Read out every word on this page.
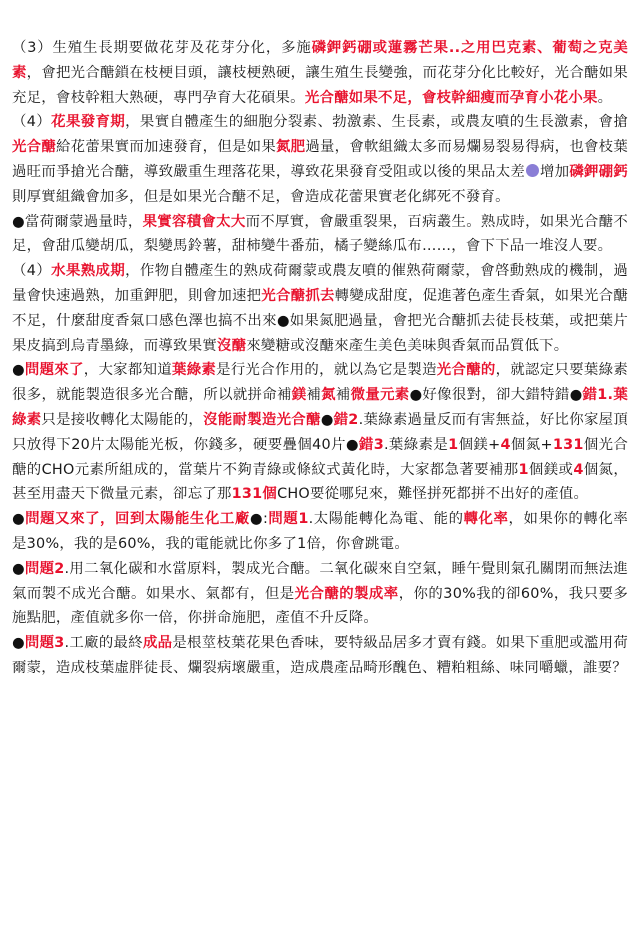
（3）生殖生長期要做花芽及花芽分化，多施磷鉀鈣硼或蓮霧芒果..之用巴克素、葡萄之克美素，會把光合醣鎖在枝梗目頭，讓枝梗熟硬，讓生殖生長變強，而花芽分化比較好，光合醣如果充足，會枝幹粗大熟硬，專門孕育大花碩果。光合醣如果不足，會枝幹細瘦而孕育小花小果。

（4）花果發育期，果實自體產生的細胞分裂素、勃激素、生長素，或農友噴的生長激素，會搶光合醣給花蕾果實而加速發育，但是如果氮肥過量，會軟組織太多而易爛易裂易得病，也會枝葉過旺而爭搶光合醣，導致嚴重生理落花果，導致花果發育受阻或以後的果品太差 增加磷鉀硼鈣則厚實組織會加多，但是如果光合醣不足，會造成花蕾果實老化綁死不發育。

●當荷爾蒙過量時，果實容積會太大而不厚實，會嚴重裂果，百病叢生。熟成時，如果光合醣不足，會甜瓜變胡瓜，梨變馬鈴薯，甜柿變牛番茄，橘子變絲瓜布……，會下下品一堆沒人要。

（4）水果熟成期，作物自體產生的熟成荷爾蒙或農友噴的催熟荷爾蒙，會啓動熟成的機制，過量會快速過熟，加重鉀肥，則會加速把光合醣抓去轉變成甜度，促進著色產生香氣，如果光合醣不足，什麼甜度香氣口感色澤也搞不出來●如果氮肥過量，會把光合醣抓去徒長枝葉，或把葉片果皮搞到烏青墨綠，而導致果實沒醣來變糖或沒醣來產生美色美味與香氣而品質低下。

●問題來了，大家都知道葉綠素是行光合作用的，就以為它是製造光合醣的，就認定只要葉綠素很多，就能製造很多光合醣，所以就拼命補鎂補氮補微量元素●好像很對，卻大錯特錯●錯1.葉綠素只是接收轉化太陽能的，沒能耐製造光合醣●錯2.葉綠素過量反而有害無益，好比你家屋頂只放得下20片太陽能光板，你錢多，硬要疊個40片●錯3.葉綠素是1個鎂+4個氮+131個光合醣的CHO元素所組成的，當葉片不夠青綠或條紋式黃化時，大家都急著要補那1個鎂或4個氮，甚至用盡天下微量元素，卻忘了那131個CHO要從哪兒來，難怪拼死都拼不出好的產值。

●問題又來了，回到太陽能生化工廠●:問題1.太陽能轉化為電、能的轉化率，如果你的轉化率是30%，我的是60%，我的電能就比你多了1倍，你會跳電。

●問題2.用二氧化碳和水當原料，製成光合醣。二氧化碳來自空氣，睡午覺則氣孔關閉而無法進氣而製不成光合醣。如果水、氣都有，但是光合醣的製成率，你的30%我的卻60%，我只要多施點肥，產值就多你一倍，你拼命施肥，產值不升反降。

●問題3.工廠的最終成品是根莖枝葉花果色香味，要特級品居多才賣有錢。如果下重肥或濫用荷爾蒙，造成枝葉虛胖徒長、爛裂病壞嚴重，造成農產品畸形醜色、糟粕粗絲、味同嚼蠟，誰要？
